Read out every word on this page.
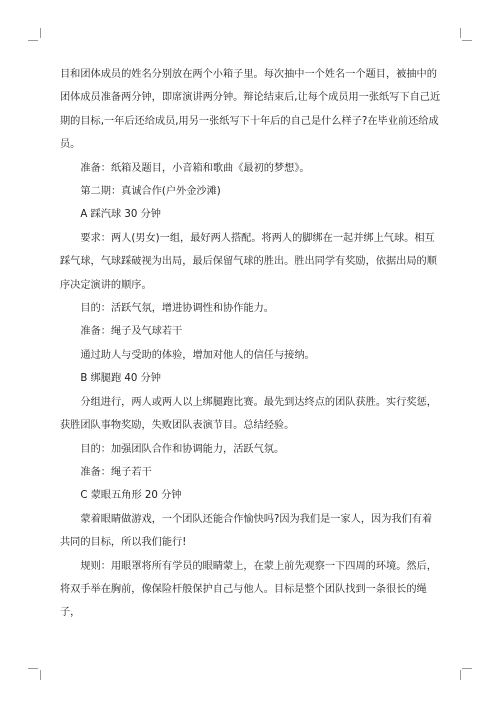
目和团体成员的姓名分别放在两个小箱子里。每次抽中一个姓名一个题目，被抽中的团体成员准备两分钟，即席演讲两分钟。辩论结束后,让每个成员用一张纸写下自己近期的目标,一年后还给成员,用另一张纸写下十年后的自己是什么样子?在毕业前还给成员。

准备：纸箱及题目，小音箱和歌曲《最初的梦想》。

第二期：真诚合作(户外金沙滩)

A 踩汽球 30 分钟

要求：两人(男女)一组，最好两人搭配。将两人的脚绑在一起并绑上气球。相互踩气球，气球踩破视为出局，最后保留气球的胜出。胜出同学有奖励，依据出局的顺序决定演讲的顺序。

目的：活跃气氛，增进协调性和协作能力。

准备：绳子及气球若干

通过助人与受助的体验，增加对他人的信任与接纳。

B 绑腿跑 40 分钟

分组进行，两人或两人以上绑腿跑比赛。最先到达终点的团队获胜。实行奖惩，获胜团队事物奖励，失败团队表演节目。总结经验。

目的：加强团队合作和协调能力，活跃气氛。

准备：绳子若干

C 蒙眼五角形 20 分钟

蒙着眼睛做游戏，一个团队还能合作愉快吗?因为我们是一家人，因为我们有着共同的目标，所以我们能行!

规则：用眼罩将所有学员的眼睛蒙上，在蒙上前先观察一下四周的环境。然后，将双手举在胸前，像保险杆般保护自己与他人。目标是整个团队找到一条很长的绳子，
